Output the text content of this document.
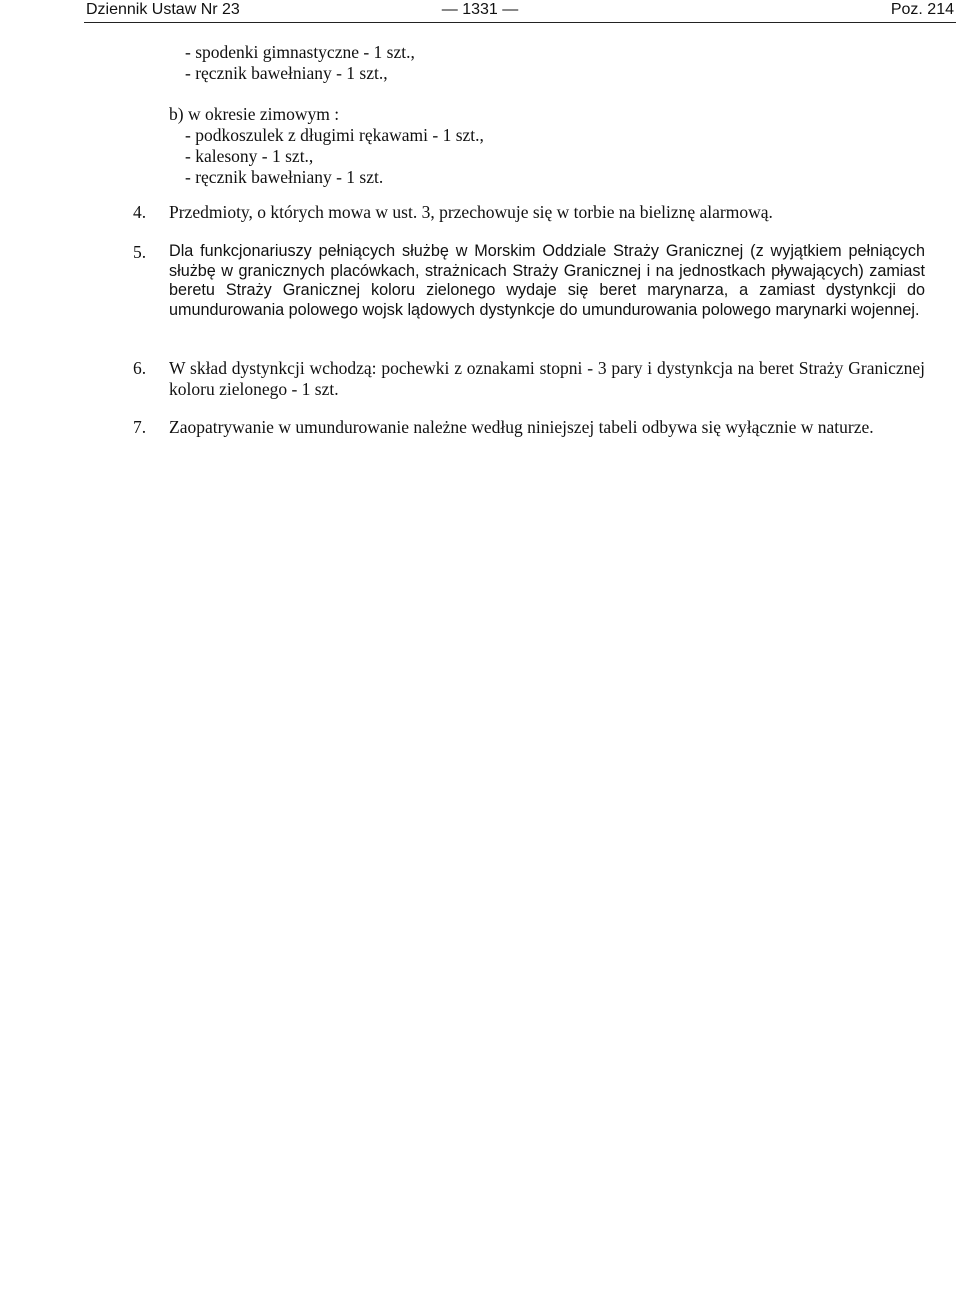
Dziennik Ustaw Nr 23	— 1331 —	Poz. 214
- spodenki gimnastyczne - 1 szt.,
- ręcznik bawełniany - 1 szt.,
b) w okresie zimowym :
- podkoszulek z długimi rękawami - 1 szt.,
- kalesony - 1 szt.,
- ręcznik bawełniany - 1 szt.
4. Przedmioty, o których mowa w ust. 3, przechowuje się w torbie na bieliznę alarmową.
5. Dla funkcjonariuszy pełniących służbę w Morskim Oddziale Straży Granicznej (z wyjątkiem pełniących służbę w granicznych placówkach, strażnicach Straży Granicznej i na jednostkach pływających) zamiast beretu Straży Granicznej koloru zielonego wydaje się beret marynarza, a zamiast dystynkcji do umundurowania polowego wojsk lądowych dystynkcje do umundurowania polowego marynarki wojennej.
6. W skład dystynkcji wchodzą: pochewki z oznakami stopni - 3 pary i dystynkcja na beret Straży Granicznej koloru zielonego - 1 szt.
7. Zaopatrywanie w umundurowanie należne według niniejszej tabeli odbywa się wyłącznie w naturze.
